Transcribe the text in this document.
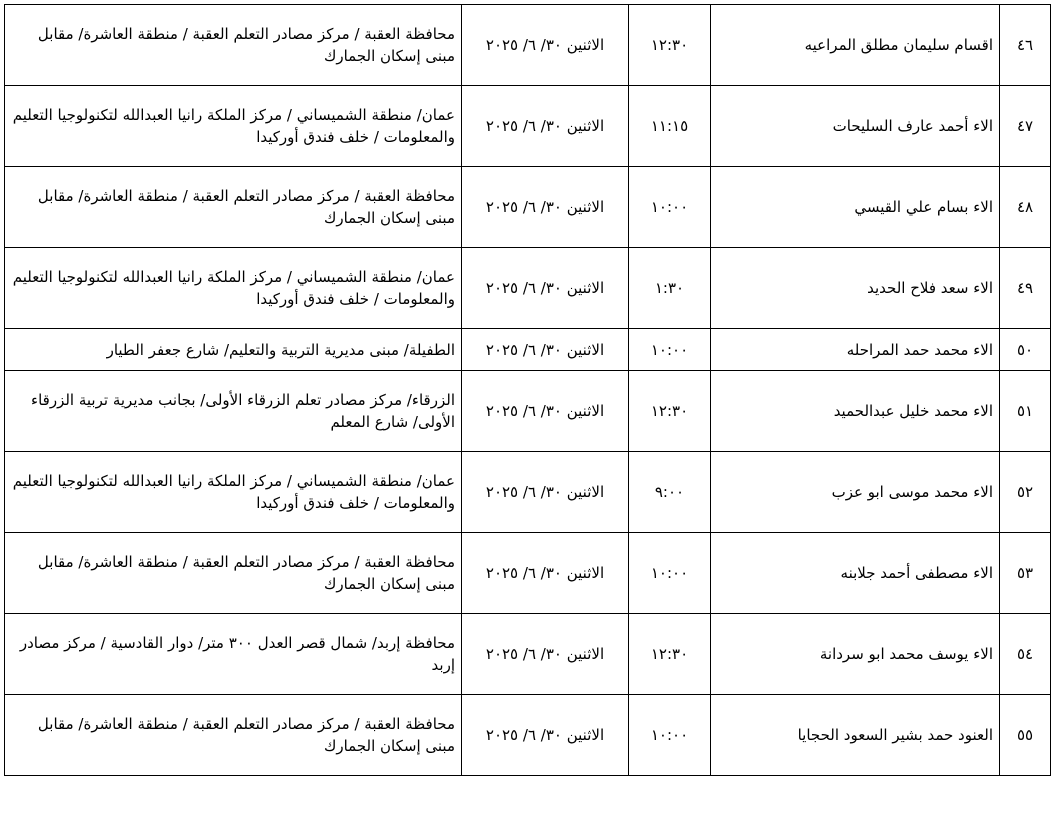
٤٦	اقسام سليمان مطلق المراعيه	١٢:٣٠	الاثنين ٣٠/ ٦/ ٢٠٢٥	محافظة العقبة / مركز مصادر التعلم العقبة / منطقة العاشرة/ مقابل مبنى إسكان الجمارك
٤٧	الاء أحمد عارف السليحات	١١:١٥	الاثنين ٣٠/ ٦/ ٢٠٢٥	عمان/ منطقة الشميساني / مركز الملكة رانيا العبدالله لتكنولوجيا التعليم والمعلومات / خلف فندق أوركيدا
٤٨	الاء بسام علي القيسي	١٠:٠٠	الاثنين ٣٠/ ٦/ ٢٠٢٥	محافظة العقبة / مركز مصادر التعلم العقبة / منطقة العاشرة/ مقابل مبنى إسكان الجمارك
٤٩	الاء سعد فلاح الحديد	١:٣٠	الاثنين ٣٠/ ٦/ ٢٠٢٥	عمان/ منطقة الشميساني / مركز الملكة رانيا العبدالله لتكنولوجيا التعليم والمعلومات / خلف فندق أوركيدا
٥٠	الاء محمد حمد المراحله	١٠:٠٠	الاثنين ٣٠/ ٦/ ٢٠٢٥	الطفيلة/ مبنى مديرية التربية والتعليم/ شارع جعفر الطيار
٥١	الاء محمد خليل عبدالحميد	١٢:٣٠	الاثنين ٣٠/ ٦/ ٢٠٢٥	الزرقاء/ مركز مصادر تعلم الزرقاء الأولى/ بجانب مديرية تربية الزرقاء الأولى/ شارع المعلم
٥٢	الاء محمد موسى ابو عزب	٩:٠٠	الاثنين ٣٠/ ٦/ ٢٠٢٥	عمان/ منطقة الشميساني / مركز الملكة رانيا العبدالله لتكنولوجيا التعليم والمعلومات / خلف فندق أوركيدا
٥٣	الاء مصطفى أحمد جلابنه	١٠:٠٠	الاثنين ٣٠/ ٦/ ٢٠٢٥	محافظة العقبة / مركز مصادر التعلم العقبة / منطقة العاشرة/ مقابل مبنى إسكان الجمارك
٥٤	الاء يوسف محمد ابو سردانة	١٢:٣٠	الاثنين ٣٠/ ٦/ ٢٠٢٥	محافظة إربد/ شمال قصر العدل ٣٠٠ متر/ دوار القادسية / مركز مصادر إربد
٥٥	العنود حمد بشير السعود الحجايا	١٠:٠٠	الاثنين ٣٠/ ٦/ ٢٠٢٥	محافظة العقبة / مركز مصادر التعلم العقبة / منطقة العاشرة/ مقابل مبنى إسكان الجمارك
